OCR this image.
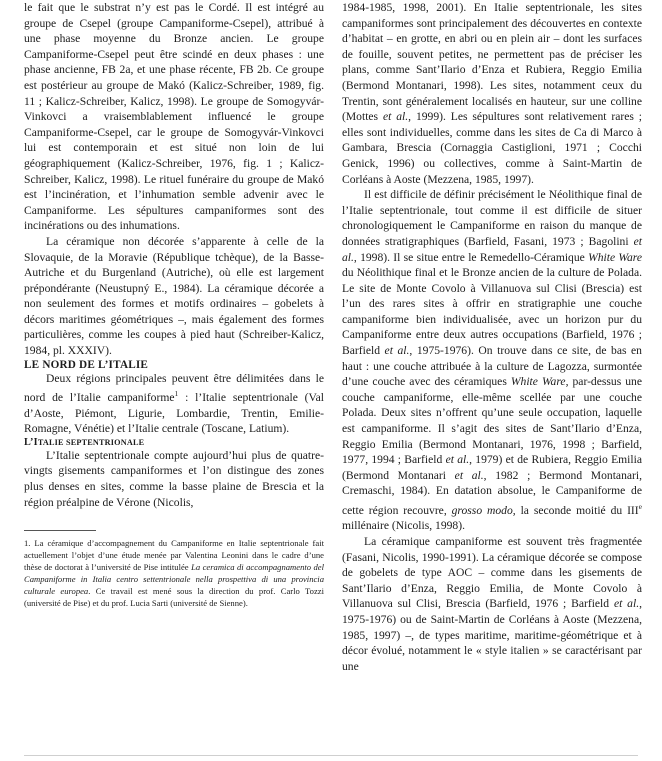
le fait que le substrat n’y est pas le Cordé. Il est intégré au groupe de Csepel (groupe Campaniforme-Csepel), attribué à une phase moyenne du Bronze ancien. Le groupe Campaniforme-Csepel peut être scindé en deux phases : une phase ancienne, FB 2a, et une phase récente, FB 2b. Ce groupe est postérieur au groupe de Makó (Kalicz-Schreiber, 1989, fig. 11 ; Kalicz-Schreiber, Kalicz, 1998). Le groupe de Somogyvár-Vinkovci a vraisemblablement influencé le groupe Campaniforme-Csepel, car le groupe de Somogyvár-Vinkovci lui est contemporain et est situé non loin de lui géographiquement (Kalicz-Schreiber, 1976, fig. 1 ; Kalicz-Schreiber, Kalicz, 1998). Le rituel funéraire du groupe de Makó est l’incinération, et l’inhumation semble advenir avec le Campaniforme. Les sépultures campaniformes sont des incinérations ou des inhumations.

La céramique non décorée s’apparente à celle de la Slovaquie, de la Moravie (République tchèque), de la Basse-Autriche et du Burgenland (Autriche), où elle est largement prépondérante (Neustupný E., 1984). La céramique décorée a non seulement des formes et motifs ordinaires – gobelets à décors maritimes géométriques –, mais également des formes particulières, comme les coupes à pied haut (Schreiber-Kalicz, 1984, pl. XXXIV).

LE NORD DE L’ITALIE

Deux régions principales peuvent être délimitées dans le nord de l’Italie campaniforme$^1$ : l’Italie septentrionale (Val d’Aoste, Piémont, Ligurie, Lombardie, Trentin, Emilie-Romagne, Vénétie) et l’Italie centrale (Toscane, Latium).

L’ITALIE SEPTENTRIONALE

L’Italie septentrionale compte aujourd’hui plus de quatre-vingts gisements campaniformes et l’on distingue des zones plus denses en sites, comme la basse plaine de Brescia et la région préalpine de Vérone (Nicolis,

1. La céramique d’accompagnement du Campaniforme en Italie septentrionale fait actuellement l’objet d’une étude menée par Valentina Leonini dans le cadre d’une thèse de doctorat à l’université de Pise intitulée La ceramica di accompagnamento del Campaniforme in Italia centro settentrionale nella prospettiva di una provincia culturale europea. Ce travail est mené sous la direction du prof. Carlo Tozzi (université de Pise) et du prof. Lucia Sarti (université de Sienne).

1984-1985, 1998, 2001). En Italie septentrionale, les sites campaniformes sont principalement des découvertes en contexte d’habitat – en grotte, en abri ou en plein air – dont les surfaces de fouille, souvent petites, ne permettent pas de préciser les plans, comme Sant’Ilario d’Enza et Rubiera, Reggio Emilia (Bermond Montanari, 1998). Les sites, notamment ceux du Trentin, sont généralement localisés en hauteur, sur une colline (Mottes et al., 1999). Les sépultures sont relativement rares ; elles sont individuelles, comme dans les sites de Ca di Marco à Gambara, Brescia (Cornaggia Castiglioni, 1971 ; Cocchi Genick, 1996) ou collectives, comme à Saint-Martin de Corléans à Aoste (Mezzena, 1985, 1997).

Il est difficile de définir précisément le Néolithique final de l’Italie septentrionale, tout comme il est difficile de situer chronologiquement le Campaniforme en raison du manque de données stratigraphiques (Barfield, Fasani, 1973 ; Bagolini et al., 1998). Il se situe entre le Remedello-Céramique White Ware du Néolithique final et le Bronze ancien de la culture de Polada. Le site de Monte Covolo à Villanuova sul Clisi (Brescia) est l’un des rares sites à offrir en stratigraphie une couche campaniforme bien individualisée, avec un horizon pur du Campaniforme entre deux autres occupations (Barfield, 1976 ; Barfield et al., 1975-1976). On trouve dans ce site, de bas en haut : une couche attribuée à la culture de Lagozza, surmontée d’une couche avec des céramiques White Ware, par-dessus une couche campaniforme, elle-même scellée par une couche Polada. Deux sites n’offrent qu’une seule occupation, laquelle est campaniforme. Il s’agit des sites de Sant’Ilario d’Enza, Reggio Emilia (Bermond Montanari, 1976, 1998 ; Barfield, 1977, 1994 ; Barfield et al., 1979) et de Rubiera, Reggio Emilia (Bermond Montanari et al., 1982 ; Bermond Montanari, Cremaschi, 1984). En datation absolue, le Campaniforme de cette région recouvre, grosso modo, la seconde moitié du IIIe millénaire (Nicolis, 1998).

La céramique campaniforme est souvent très fragmentée (Fasani, Nicolis, 1990-1991). La céramique décorée se compose de gobelets de type AOC – comme dans les gisements de Sant’Ilario d’Enza, Reggio Emilia, de Monte Covolo à Villanuova sul Clisi, Brescia (Barfield, 1976 ; Barfield et al., 1975-1976) ou de Saint-Martin de Corléans à Aoste (Mezzena, 1985, 1997) –, de types maritime, maritime-géométrique et à décor évolué, notamment le « style italien » se caractérisant par une
